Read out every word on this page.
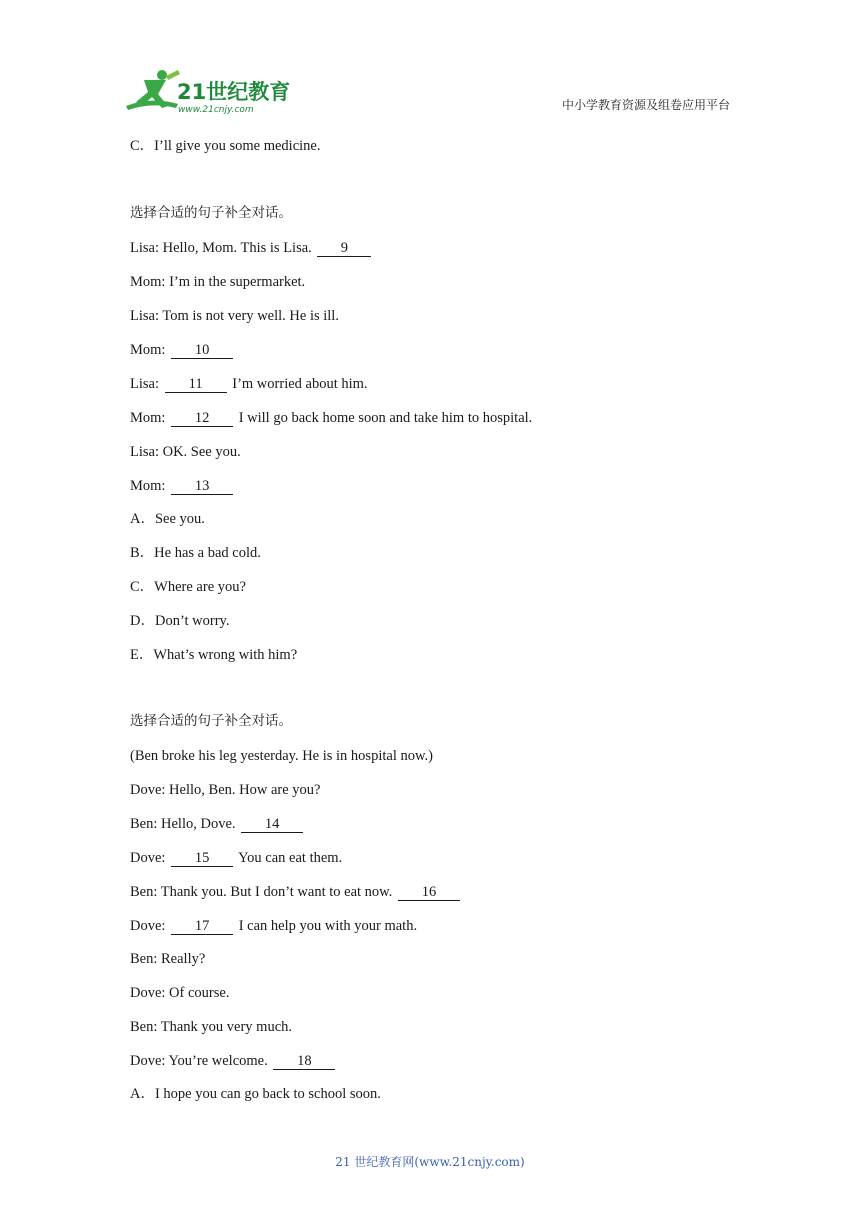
21世纪教育
www.21cnjy.com	中小学教育资源及组卷应用平台
C．I’ll give you some medicine.
选择合适的句子补全对话。
Lisa: Hello, Mom. This is Lisa. 9
Mom: I’m in the supermarket.
Lisa: Tom is not very well. He is ill.
Mom: 10
Lisa: 11 I’m worried about him.
Mom: 12 I will go back home soon and take him to hospital.
Lisa: OK. See you.
Mom: 13
A．See you.
B．He has a bad cold.
C．Where are you?
D．Don’t worry.
E．What’s wrong with him?
选择合适的句子补全对话。
(Ben broke his leg yesterday. He is in hospital now.)
Dove: Hello, Ben. How are you?
Ben: Hello, Dove. 14
Dove: 15 You can eat them.
Ben: Thank you. But I don’t want to eat now. 16
Dove: 17 I can help you with your math.
Ben: Really?
Dove: Of course.
Ben: Thank you very much.
Dove: You’re welcome. 18
A．I hope you can go back to school soon.
21 世纪教育网(www.21cnjy.com)
